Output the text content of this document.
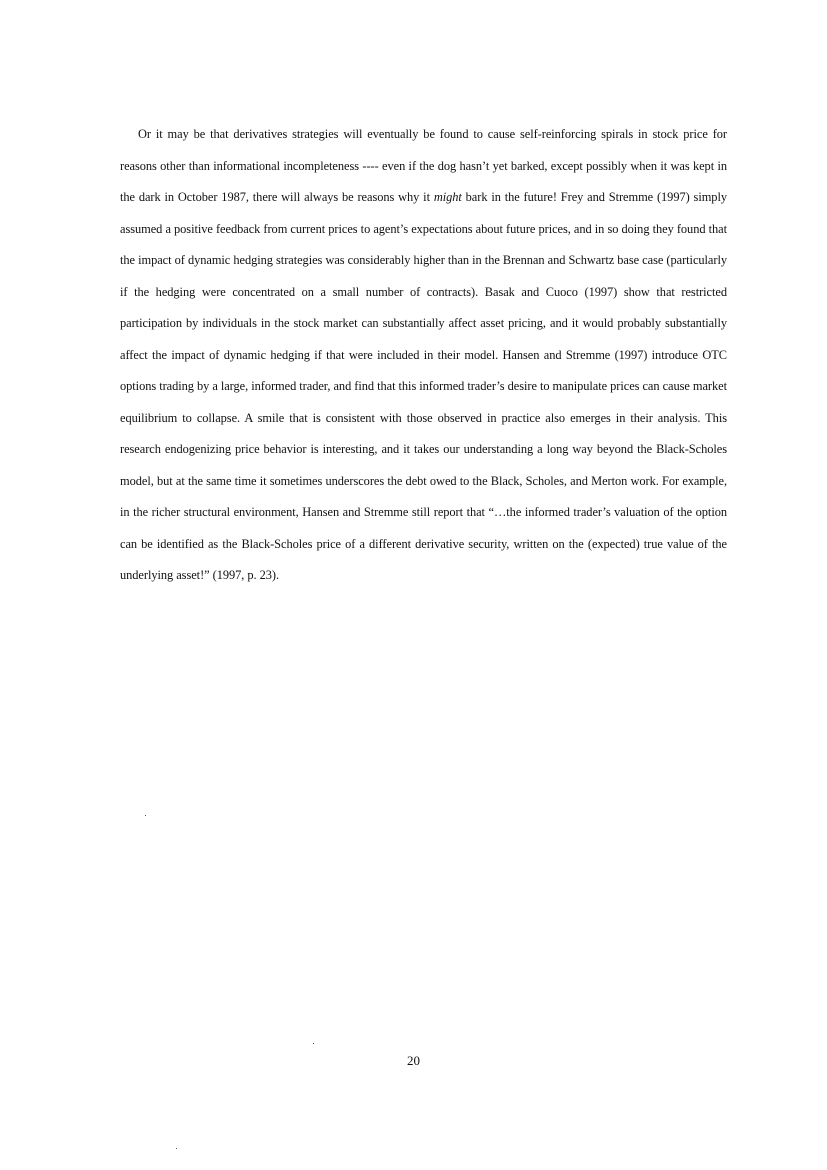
Or it may be that derivatives strategies will eventually be found to cause self-reinforcing spirals in stock price for reasons other than informational incompleteness ---- even if the dog hasn’t yet barked, except possibly when it was kept in the dark in October 1987, there will always be reasons why it might bark in the future! Frey and Stremme (1997) simply assumed a positive feedback from current prices to agent’s expectations about future prices, and in so doing they found that the impact of dynamic hedging strategies was considerably higher than in the Brennan and Schwartz base case (particularly if the hedging were concentrated on a small number of contracts). Basak and Cuoco (1997) show that restricted participation by individuals in the stock market can substantially affect asset pricing, and it would probably substantially affect the impact of dynamic hedging if that were included in their model. Hansen and Stremme (1997) introduce OTC options trading by a large, informed trader, and find that this informed trader’s desire to manipulate prices can cause market equilibrium to collapse. A smile that is consistent with those observed in practice also emerges in their analysis. This research endogenizing price behavior is interesting, and it takes our understanding a long way beyond the Black-Scholes model, but at the same time it sometimes underscores the debt owed to the Black, Scholes, and Merton work. For example, in the richer structural environment, Hansen and Stremme still report that “…the informed trader’s valuation of the option can be identified as the Black-Scholes price of a different derivative security, written on the (expected) true value of the underlying asset!” (1997, p. 23).

20
